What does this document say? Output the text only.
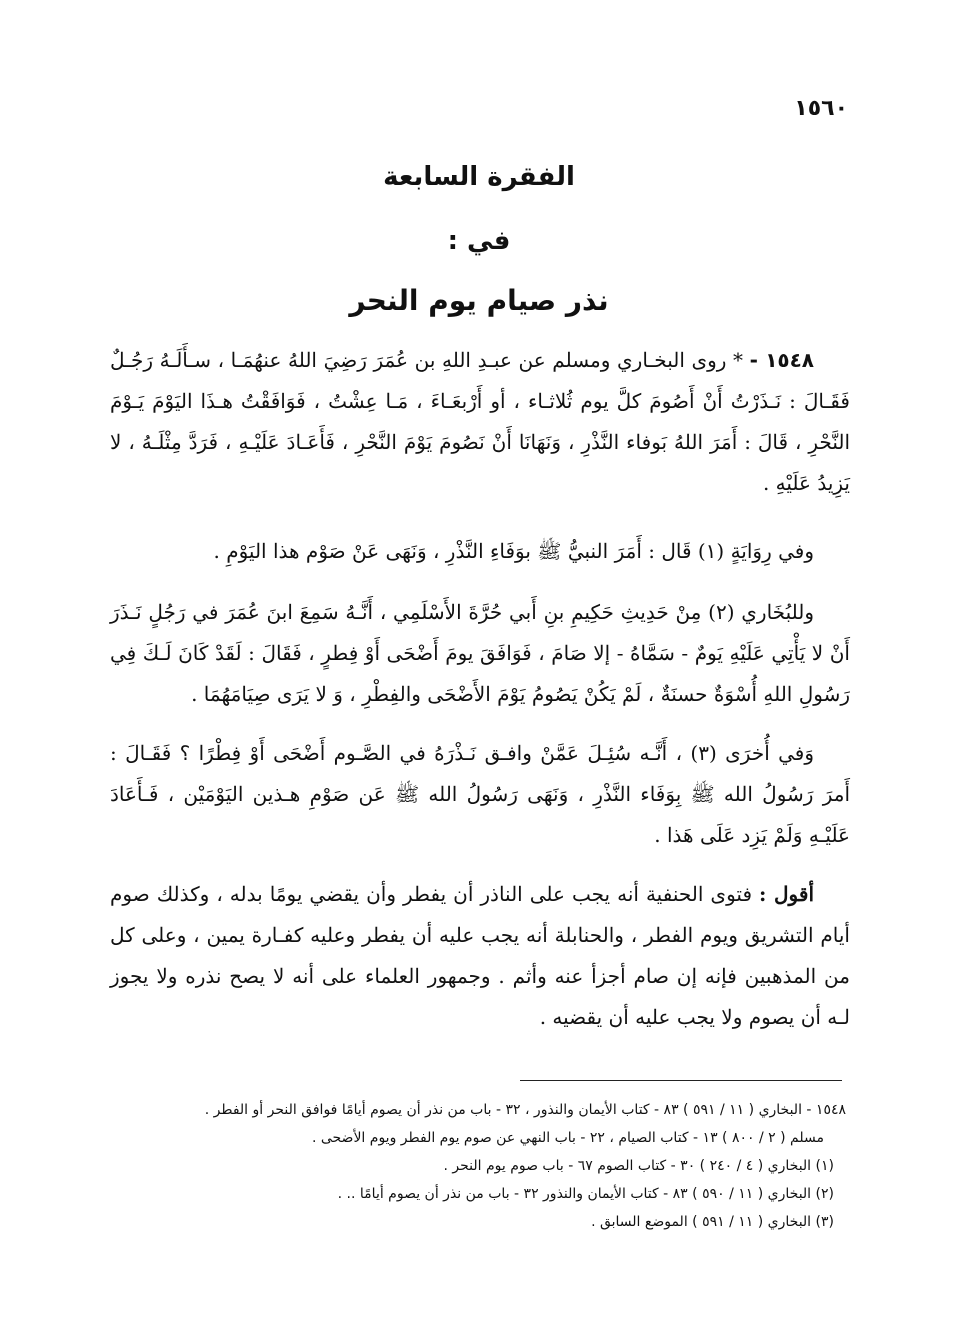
١٥٦٠
الفقرة السابعة
في :
نذر صيام يوم النحر

١٥٤٨ - * روى البخـاري ومسلم عن عبـدِ اللهِ بن عُمَرَ رَضِيَ اللهُ عنهُمَـا ، سـأَلَـهُ رَجُـلٌ فَقَـالَ : نَـذَرْتُ أَنْ أَصُومَ كلَّ يوم ثُلاثـاء ، أو أَرْبعَـاءَ ، مَـا عِشْتُ ، فَوَافَقْتُ هـذَا اليَوْمَ يَـوْمَ النَّحْرِ ، قَالَ : أَمَرَ اللهُ بَوفاء النَّذْرِ ، وَنَهَانَا أَنْ نَصُومَ يَوْمَ النَّحْرِ ، فَأَعَـادَ عَلَيْـهِ ، فَرَدَّ مِثْلَـهُ ، لا يَزِيدُ عَلَيْهِ .

وفي رِوَايَةٍ (١) قَال : أَمَرَ النبيُّ ﷺ بوَفَاءِ النَّذْرِ ، وَنَهَى عَنْ صَوْم هذا اليَوْمِ .

وللبُخَاري (٢) مِنْ حَدِيثِ حَكِيمِ بنِ أَبي حُرَّةَ الأَسْلَمِي ، أَنَّـهُ سَمِعَ ابنَ عُمَرَ في رَجُلٍ نَـذَرَ أَنْ لا يَأْتِي عَلَيْهِ يَومٌ - سَمَّاهُ - إلا صَامَ ، فَوَافَقَ يومَ أَضْحَى أَوْ فِطرٍ ، فَقَالَ : لَقَدْ كَانَ لَـكَ فِي رَسُولِ اللهِ أُسْوَةٌ حسنَةٌ ، لَمْ يَكُنْ يَصُومُ يَوْمَ الأَضْحَى والفِطْرِ ، وَ لا يَرَى صِيَامَهُمَا .

وَفي أُخرَى (٣) ، أَنَّـه سُئِـلَ عَمَّنْ وافـق نَـذْرَهُ في الصَّـوم أَضْحَى أَوْ فِطْرًا ؟ فَقَـالَ : أَمرَ رَسُولُ الله ﷺ بِوَفَاء النَّذْرِ ، وَنَهَى رَسُولُ الله ﷺ عَن صَوْمِ هـذين اليَوْمَيْن ، فَـأَعَادَ عَلَيْـهِ وَلَمْ يَزِد عَلَى هَذا .

أقول : فتوى الحنفية أنه يجب على الناذر أن يفطر وأن يقضي يومًا بدله ، وكذلك صوم أيام التشريق ويوم الفطر ، والحنابلة أنه يجب عليه أن يفطر وعليه كفـارة يمين ، وعلى كل من المذهبين فإنه إن صام أجزأ عنه وأثم . وجمهور العلماء على أنه لا يصح نذره ولا يجوز لـه أن يصوم ولا يجب عليه أن يقضيه .

١٥٤٨ - البخاري ( ١١ / ٥٩١ ) ٨٣ - كتاب الأيمان والنذور ، ٣٢ - باب من نذر أن يصوم أيامًا فوافق النحر أو الفطر .
مسلم ( ٢ / ٨٠٠ ) ١٣ - كتاب الصيام ، ٢٢ - باب النهي عن صوم يوم الفطر ويوم الأضحى .
(١) البخاري ( ٤ / ٢٤٠ ) ٣٠ - كتاب الصوم ٦٧ - باب صوم يوم النحر .
(٢) البخاري ( ١١ / ٥٩٠ ) ٨٣ - كتاب الأيمان والنذور ٣٢ - باب من نذر أن يصوم أيامًا .. .
(٣) البخاري ( ١١ / ٥٩١ ) الموضع السابق .
